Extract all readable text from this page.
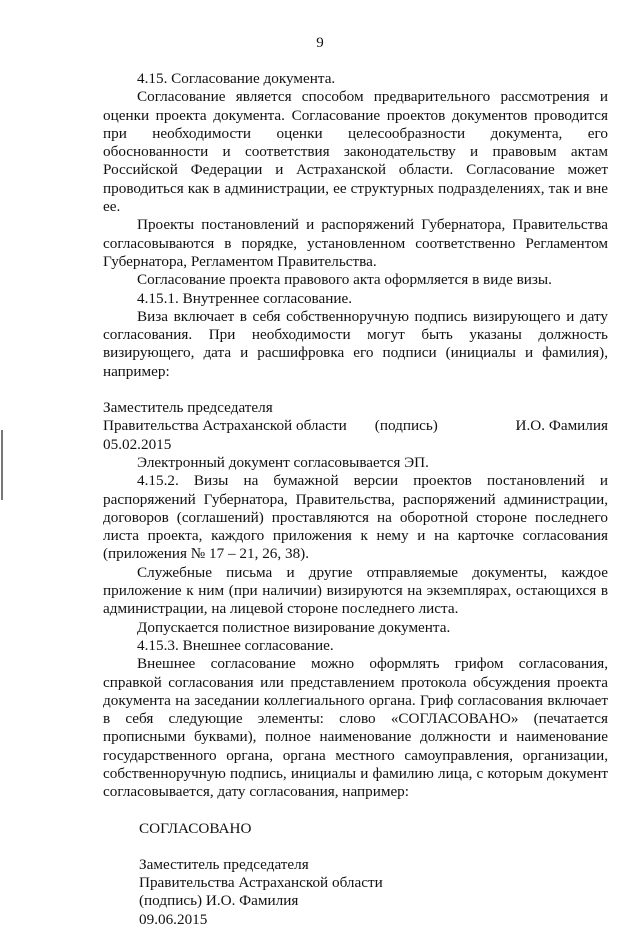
9

4.15. Согласование документа.

Согласование является способом предварительного рассмотрения и оценки проекта документа. Согласование проектов документов проводится при необходимости оценки целесообразности документа, его обоснованности и соответствия законодательству и правовым актам Российской Федерации и Астраханской области. Согласование может проводиться как в администрации, ее структурных подразделениях, так и вне ее.

Проекты постановлений и распоряжений Губернатора, Правительства согласовываются в порядке, установленном соответственно Регламентом Губернатора, Регламентом Правительства.

Согласование проекта правового акта оформляется в виде визы.

4.15.1. Внутреннее согласование.

Виза включает в себя собственноручную подпись визирующего и дату согласования. При необходимости могут быть указаны должность визирующего, дата и расшифровка его подписи (инициалы и фамилия), например:

Заместитель председателя

Правительства Астраханской области (подпись)	И.О. Фамилия

05.02.2015

Электронный документ согласовывается ЭП.

4.15.2. Визы на бумажной версии проектов постановлений и распоряжений Губернатора, Правительства, распоряжений администрации, договоров (соглашений) проставляются на оборотной стороне последнего листа проекта, каждого приложения к нему и на карточке согласования (приложения № 17 – 21, 26, 38).

Служебные письма и другие отправляемые документы, каждое приложение к ним (при наличии) визируются на экземплярах, остающихся в администрации, на лицевой стороне последнего листа.

Допускается полистное визирование документа.

4.15.3. Внешнее согласование.

Внешнее согласование можно оформлять грифом согласования, справкой согласования или представлением протокола обсуждения проекта документа на заседании коллегиального органа. Гриф согласования включает в себя следующие элементы: слово «СОГЛАСОВАНО» (печатается прописными буквами), полное наименование должности и наименование государственного органа, органа местного самоуправления, организации, собственноручную подпись, инициалы и фамилию лица, с которым документ согласовывается, дату согласования, например:

СОГЛАСОВАНО

Заместитель председателя

Правительства Астраханской области

(подпись) И.О. Фамилия

09.06.2015
